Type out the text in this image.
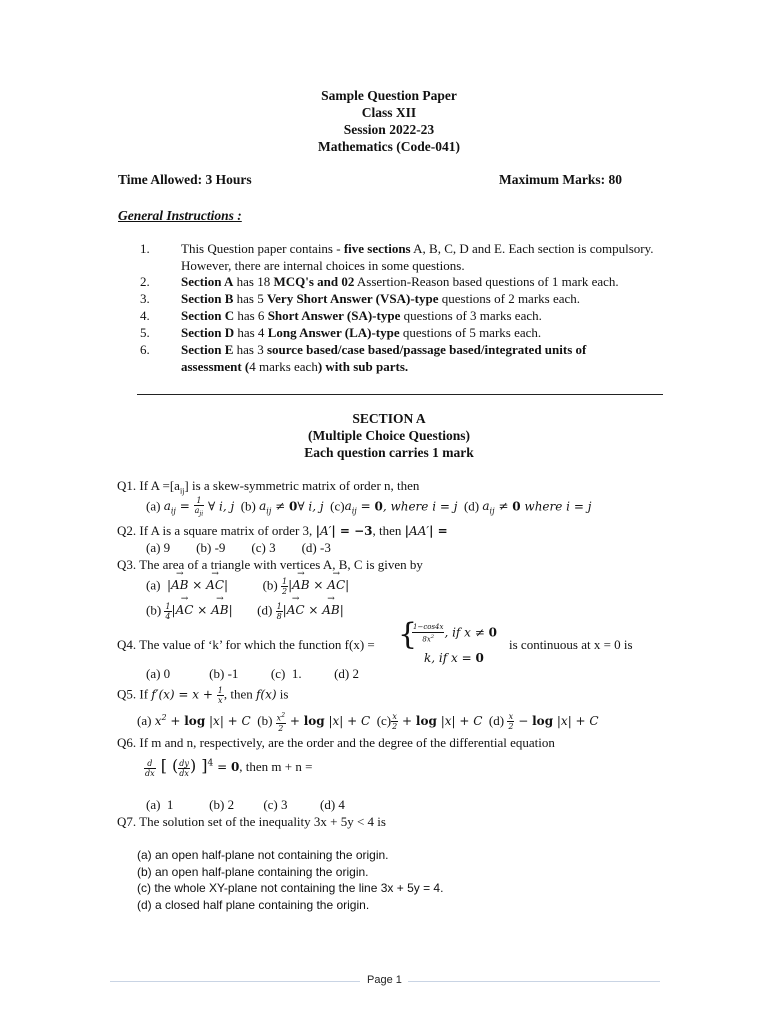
Sample Question Paper
Class XII
Session 2022-23
Mathematics (Code-041)
Time Allowed: 3 Hours	Maximum Marks: 80
General Instructions :
1. This Question paper contains - five sections A, B, C, D and E. Each section is compulsory. However, there are internal choices in some questions.
2. Section A has 18 MCQ's and 02 Assertion-Reason based questions of 1 mark each.
3. Section B has 5 Very Short Answer (VSA)-type questions of 2 marks each.
4. Section C has 6 Short Answer (SA)-type questions of 3 marks each.
5. Section D has 4 Long Answer (LA)-type questions of 5 marks each.
6. Section E has 3 source based/case based/passage based/integrated units of assessment (4 marks each) with sub parts.
SECTION A
(Multiple Choice Questions)
Each question carries 1 mark
Q1. If $A =[a_{ij}]$ is a skew-symmetric matrix of order n, then
(a) $a_{ij} = \frac{1}{a_{ji}}$ ∀ i, j  (b) $a_{ij}$ ≠ 0∀ i, j  $(c)a_{ij} = 0$, where i = j  (d) $a_{ij} \ne 0$ where i = j
Q2. If A is a square matrix of order 3, |A′| = −3, then |AA′| =
(a) 9        (b) -9        (c) 3        (d) -3
Q3. The area of a triangle with vertices A, B, C is given by
(a)  |→ AB × → AC|  $(b) \frac{1}{2}$ |→ AB × → AC|
$(b) \frac{1}{4}$ |→ AC × → AB|  $(d) \frac{1}{8}$ |→ AC × → AB|
Q4. The value of ‘k’ for which the function f(x) = {
$\frac{1-\cos 4x}{8x^2}$ , if x ≠ 0
k, if x = 0
is continuous at x = 0 is
(a) 0            (b) -1          (c)  1.          (d) 2
Q5. If $f'(x) = x + \frac{1}{x}$ , then f(x) is
(a) $x^2 + \log |x| + C$  $(b) \frac{x^2}{2} + \log |x| + C$  $(c) \frac{x}{2} + \log |x| + C$  $(d) \frac{x}{2} - \log |x| + C$
Q6. If m and n, respectively, are the order and the degree of the differential equation
$\frac{d}{dx}$ [ ( $\frac{dy}{dx}$ ) ]$^4$ = 0, then m + n =
(a)  1           (b) 2         (c) 3          (d) 4
Q7. The solution set of the inequality 3x + 5y < 4 is
(a) an open half-plane not containing the origin.
(b) an open half-plane containing the origin.
(c) the whole XY-plane not containing the line 3x + 5y = 4.
(d) a closed half plane containing the origin.
Page 1
